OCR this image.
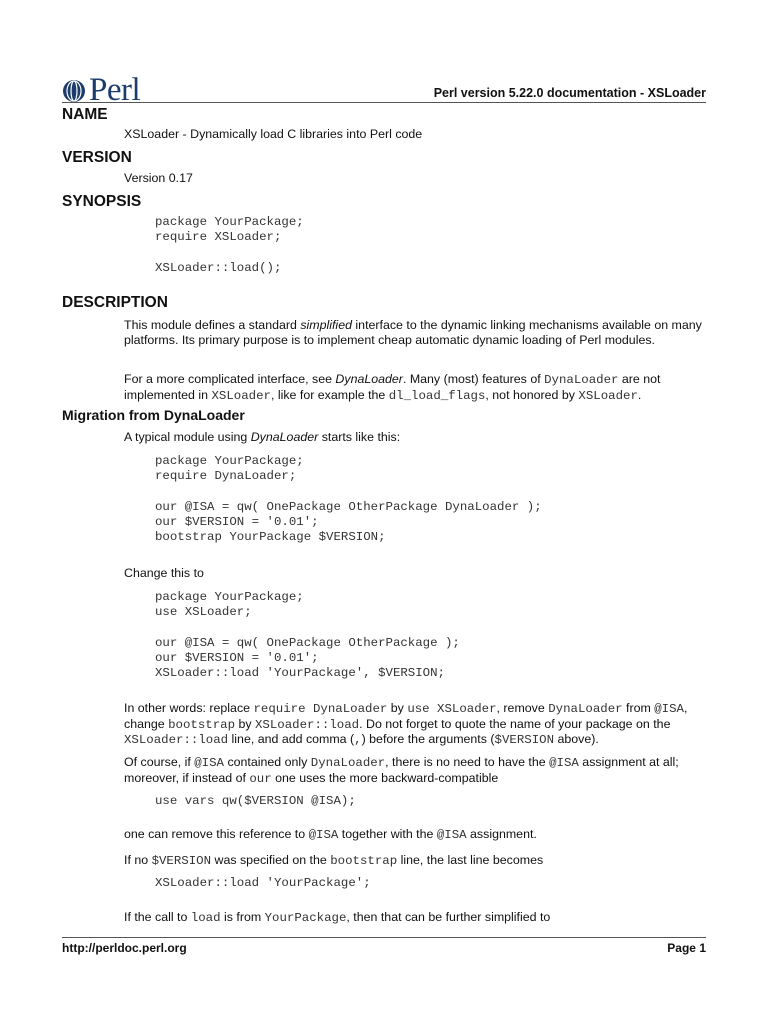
Perl	Perl version 5.22.0 documentation - XSLoader
NAME

XSLoader - Dynamically load C libraries into Perl code

VERSION

Version 0.17

SYNOPSIS
package YourPackage;
require XSLoader;

XSLoader::load();
DESCRIPTION

This module defines a standard simplified interface to the dynamic linking mechanisms available on many platforms. Its primary purpose is to implement cheap automatic dynamic loading of Perl modules.

For a more complicated interface, see DynaLoader. Many (most) features of DynaLoader are not implemented in XSLoader, like for example the dl_load_flags, not honored by XSLoader.

Migration from DynaLoader

A typical module using DynaLoader starts like this:

package YourPackage;
require DynaLoader;

our @ISA = qw( OnePackage OtherPackage DynaLoader );
our $VERSION = '0.01';
bootstrap YourPackage $VERSION;

Change this to

package YourPackage;
use XSLoader;

our @ISA = qw( OnePackage OtherPackage );
our $VERSION = '0.01';
XSLoader::load 'YourPackage', $VERSION;

In other words: replace require DynaLoader by use XSLoader, remove DynaLoader from @ISA, change bootstrap by XSLoader::load. Do not forget to quote the name of your package on the XSLoader::load line, and add comma (,) before the arguments ($VERSION above).

Of course, if @ISA contained only DynaLoader, there is no need to have the @ISA assignment at all; moreover, if instead of our one uses the more backward-compatible

use vars qw($VERSION @ISA);

one can remove this reference to @ISA together with the @ISA assignment.

If no $VERSION was specified on the bootstrap line, the last line becomes

XSLoader::load 'YourPackage';

If the call to load is from YourPackage, then that can be further simplified to

http://perldoc.perl.org	Page 1
